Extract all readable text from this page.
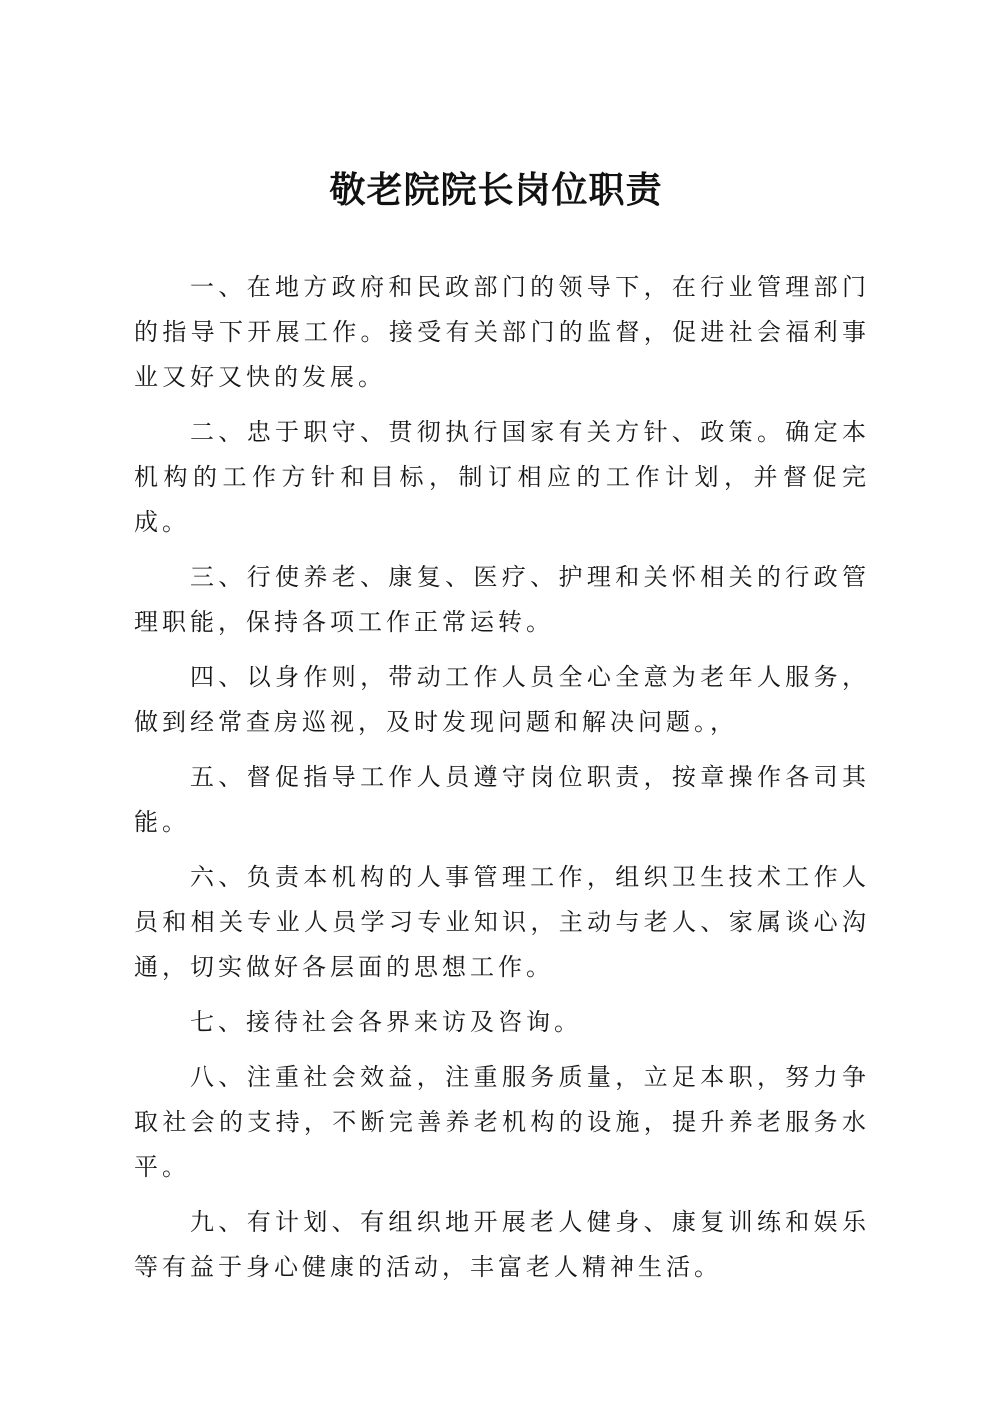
敬老院院长岗位职责

一、在地方政府和民政部门的领导下，在行业管理部门的指导下开展工作。接受有关部门的监督，促进社会福利事业又好又快的发展。

二、忠于职守、贯彻执行国家有关方针、政策。确定本机构的工作方针和目标，制订相应的工作计划，并督促完成。

三、行使养老、康复、医疗、护理和关怀相关的行政管理职能，保持各项工作正常运转。

四、以身作则，带动工作人员全心全意为老年人服务，做到经常查房巡视，及时发现问题和解决问题。，

五、督促指导工作人员遵守岗位职责，按章操作各司其能。

六、负责本机构的人事管理工作，组织卫生技术工作人员和相关专业人员学习专业知识，主动与老人、家属谈心沟通，切实做好各层面的思想工作。

七、接待社会各界来访及咨询。

八、注重社会效益，注重服务质量，立足本职，努力争取社会的支持，不断完善养老机构的设施，提升养老服务水平。

九、有计划、有组织地开展老人健身、康复训练和娱乐等有益于身心健康的活动，丰富老人精神生活。
